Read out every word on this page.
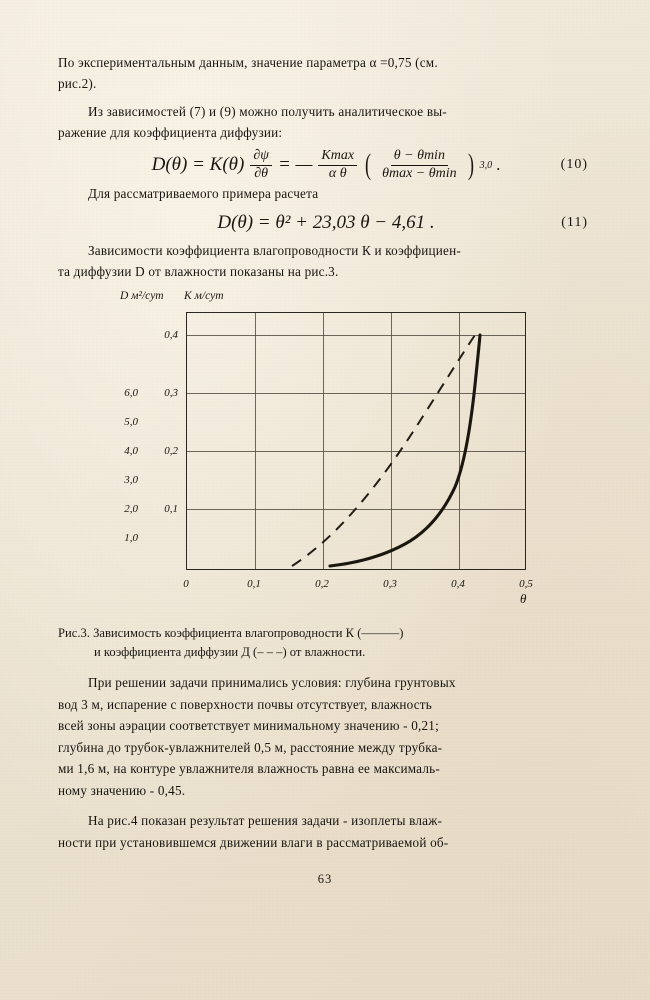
По экспериментальным данным, значение параметра α =0,75 (см.

рис.2).

Из зависимостей (7) и (9) можно получить аналитическое вы-

ражение для коэффициента диффузии:

$D(\theta) = K(\theta) \frac{\partial\psi}{\partial\theta}$ = — $\frac{Kmax}{\text{α θ}}$ ( $\frac{\theta - \theta\min}{\theta\max - \theta\min}$ ) 3,0 .	(10)

Для рассматриваемого примера расчета

D(θ) = θ² + 23,03 θ − 4,61 .	(11)

Зависимости коэффициента влагопроводности К и коэффициен-

та диффузии D от влажности показаны на рис.3.

D м²/сут K м/сут
0,4
0,3
0,2
0,1
6,0
5,0
4,0
3,0
2,0
1,0
0	0,1	0,2	0,3	0,4	0,5
θ
Рис.3. Зависимость коэффициента влагопроводности К (———)
и коэффициента диффузии Д (– – –) от влажности.

При решении задачи принимались условия: глубина грунтовых

вод 3 м, испарение с поверхности почвы отсутствует, влажность

всей зоны аэрации соответствует минимальному значению - 0,21;

глубина до трубок-увлажнителей 0,5 м, расстояние между трубка-

ми 1,6 м, на контуре увлажнителя влажность равна ее максималь-

ному значению - 0,45.

На рис.4 показан результат решения задачи - изоплеты влаж-

ности при установившемся движении влаги в рассматриваемой об-

63
